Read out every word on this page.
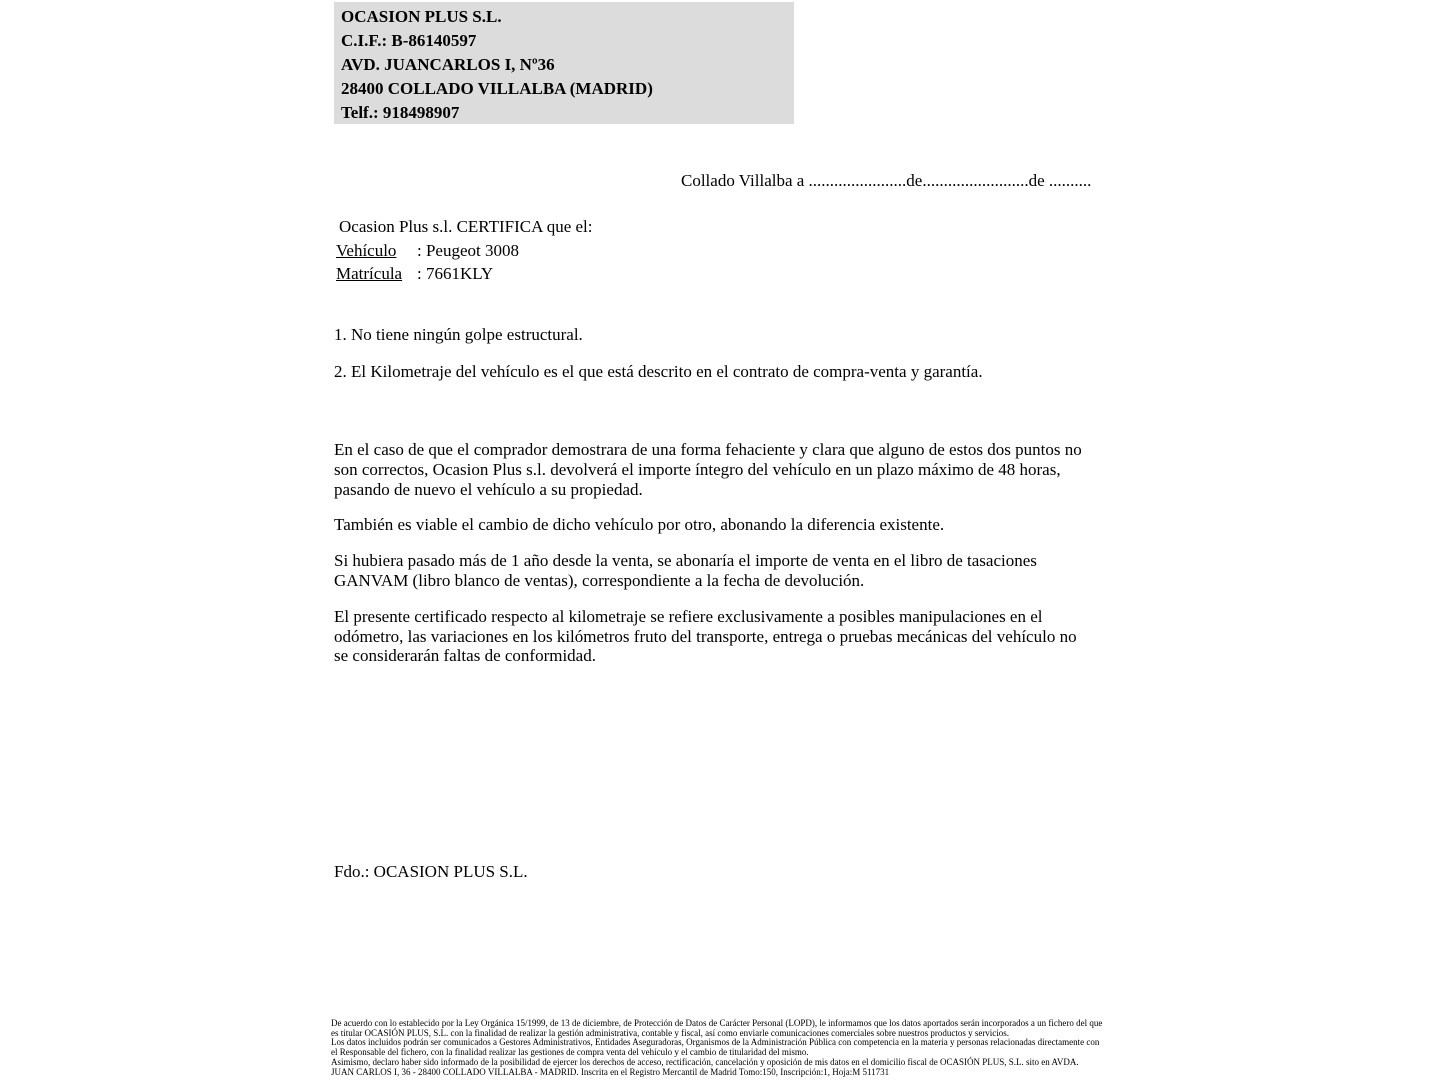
OCASION PLUS S.L.
C.I.F.: B-86140597
AVD. JUANCARLOS I, Nº36
28400 COLLADO VILLALBA (MADRID)
Telf.: 918498907
Collado Villalba a .......................de.........................de ..........
Ocasion Plus s.l. CERTIFICA que el:
Vehículo : Peugeot 3008
Matrícula : 7661KLY
1. No tiene ningún golpe estructural.
2. El Kilometraje del vehículo es el que está descrito en el contrato de compra-venta y garantía.

En el caso de que el comprador demostrara de una forma fehaciente y clara que alguno de estos dos puntos no son correctos, Ocasion Plus s.l. devolverá el importe íntegro del vehículo en un plazo máximo de 48 horas, pasando de nuevo el vehículo a su propiedad.

También es viable el cambio de dicho vehículo por otro, abonando la diferencia existente.

Si hubiera pasado más de 1 año desde la venta, se abonaría el importe de venta en el libro de tasaciones GANVAM (libro blanco de ventas), correspondiente a la fecha de devolución.

El presente certificado respecto al kilometraje se refiere exclusivamente a posibles manipulaciones en el odómetro, las variaciones en los kilómetros fruto del transporte, entrega o pruebas mecánicas del vehículo no se considerarán faltas de conformidad.

Fdo.: OCASION PLUS S.L.
De acuerdo con lo establecido por la Ley Orgánica 15/1999, de 13 de diciembre, de Protección de Datos de Carácter Personal (LOPD), le informamos que los datos aportados serán incorporados a un fichero del que es titular OCASIÓN PLUS, S.L. con la finalidad de realizar la gestión administrativa, contable y fiscal, así como enviarle comunicaciones comerciales sobre nuestros productos y servicios.
Los datos incluidos podrán ser comunicados a Gestores Administrativos, Entidades Aseguradoras, Organismos de la Administración Pública con competencia en la materia y personas relacionadas directamente con el Responsable del fichero, con la finalidad realizar las gestiones de compra venta del vehículo y el cambio de titularidad del mismo.
Asimismo, declaro haber sido informado de la posibilidad de ejercer los derechos de acceso, rectificación, cancelación y oposición de mis datos en el domicilio fiscal de OCASIÓN PLUS, S.L. sito en AVDA. JUAN CARLOS I, 36 - 28400 COLLADO VILLALBA - MADRID. Inscrita en el Registro Mercantil de Madrid Tomo:150, Inscripción:1, Hoja:M 511731
